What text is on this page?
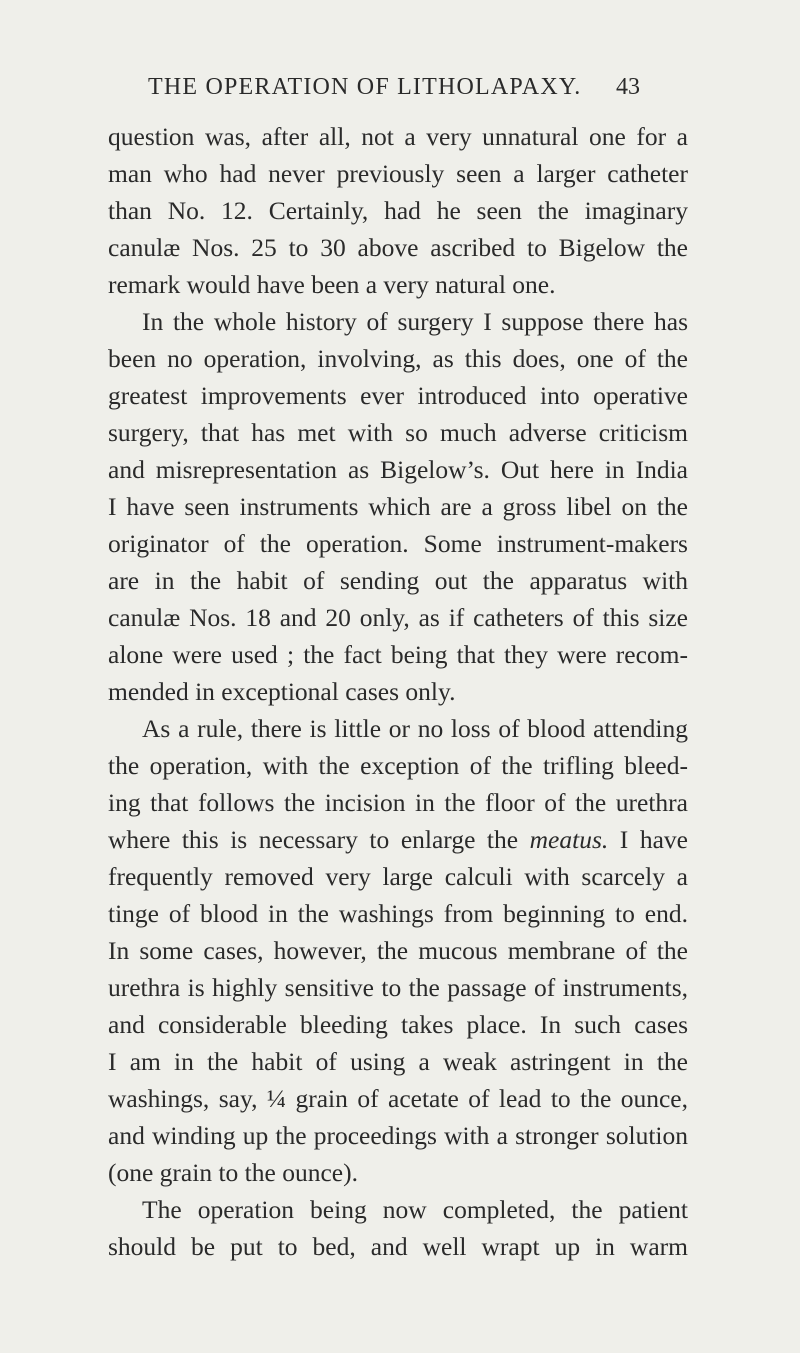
THE OPERATION OF LITHOLAPAXY. 43
question was, after all, not a very unnatural one for a
man who had never previously seen a larger catheter
than No. 12. Certainly, had he seen the imaginary
canulæ Nos. 25 to 30 above ascribed to Bigelow the
remark would have been a very natural one.
In the whole history of surgery I suppose there has
been no operation, involving, as this does, one of the
greatest improvements ever introduced into operative
surgery, that has met with so much adverse criticism
and misrepresentation as Bigelow’s. Out here in India
I have seen instruments which are a gross libel on the
originator of the operation. Some instrument-makers
are in the habit of sending out the apparatus with
canulæ Nos. 18 and 20 only, as if catheters of this size
alone were used ; the fact being that they were recom-
mended in exceptional cases only.
As a rule, there is little or no loss of blood attending
the operation, with the exception of the trifling bleed-
ing that follows the incision in the floor of the urethra
where this is necessary to enlarge the meatus. I have
frequently removed very large calculi with scarcely a
tinge of blood in the washings from beginning to end.
In some cases, however, the mucous membrane of the
urethra is highly sensitive to the passage of instruments,
and considerable bleeding takes place. In such cases
I am in the habit of using a weak astringent in the
washings, say, ¼ grain of acetate of lead to the ounce,
and winding up the proceedings with a stronger solution
(one grain to the ounce).
The operation being now completed, the patient
should be put to bed, and well wrapt up in warm
